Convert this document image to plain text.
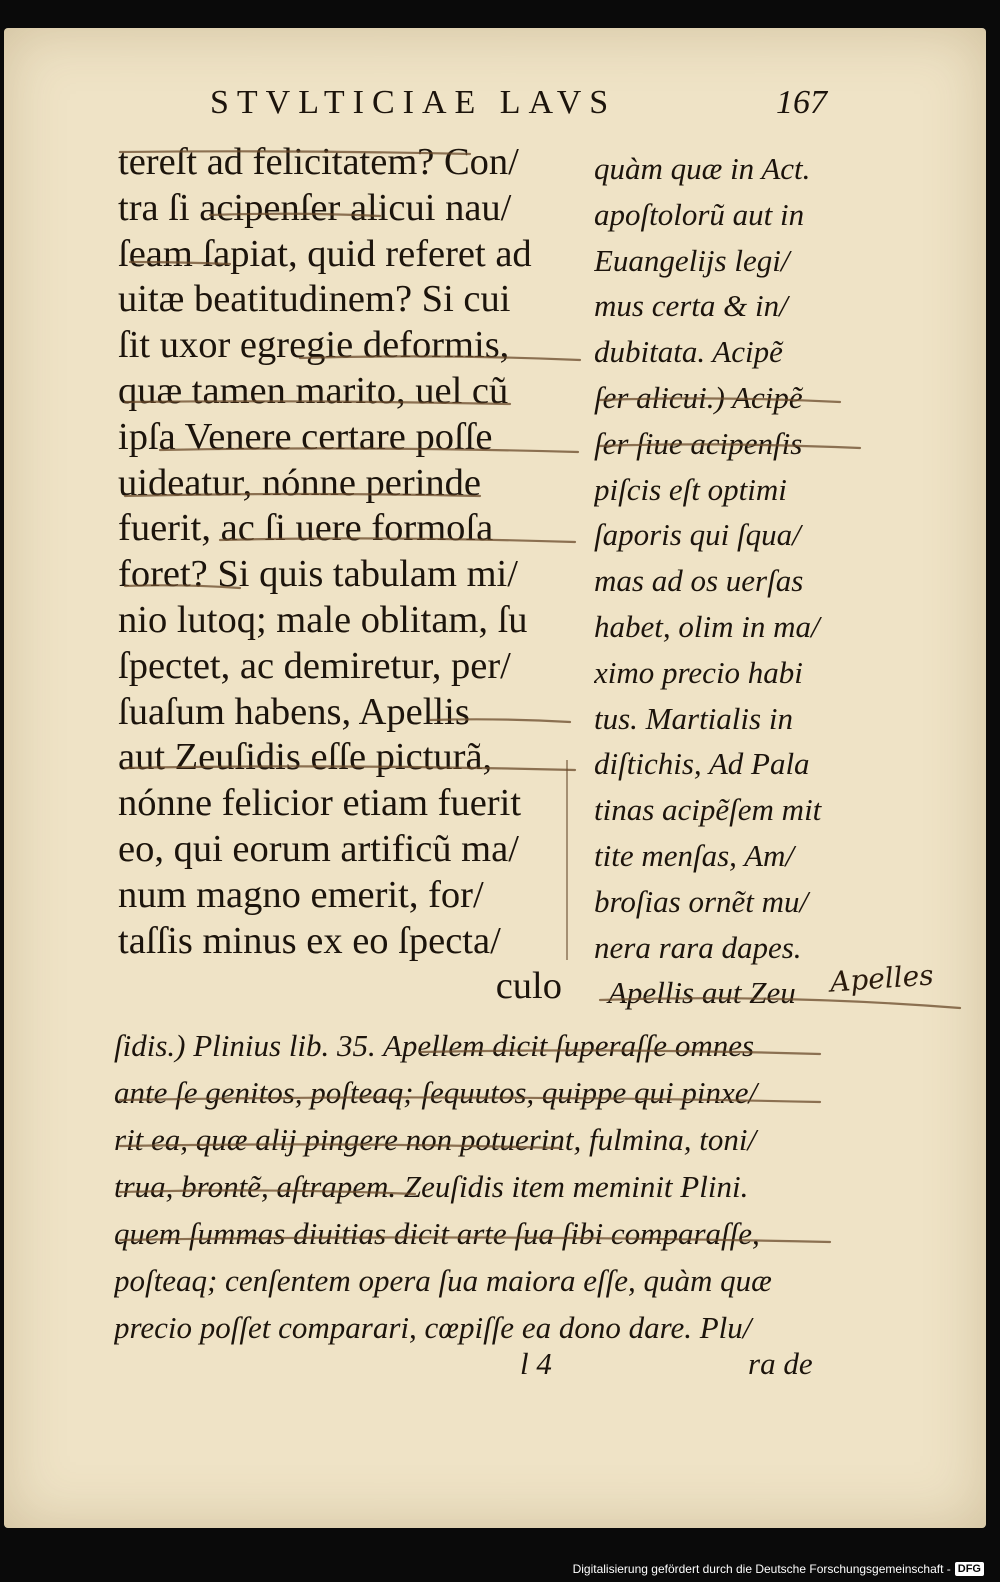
STVLTICIAE LAVS	167
tereſt ad felicitatem? Con/
tra ſi acipenſer alicui nau/
ſeam ſapiat, quid referet ad
uitæ beatitudinem? Si cui
ſit uxor egregie deformis,
quæ tamen marito, uel cũ
ipſa Venere certare poſſe
uideatur, nónne perinde
fuerit, ac ſi uere formoſa
foret? Si quis tabulam mi/
nio lutoq; male oblitam, ſu
ſpectet, ac demiretur, per/
ſuaſum habens, Apellis
aut Zeuſidis eſſe picturã,
nónne felicior etiam fuerit
eo, qui eorum artificũ ma/
num magno emerit, for/
taſſis minus ex eo ſpecta/
culo
quàm quæ in Act.
apoſtolorũ aut in
Euangelijs legi/
mus certa & in/
dubitata. Acipẽ
ſer alicui.) Acipẽ
ſer ſiue acipenſis
piſcis eſt optimi
ſaporis qui ſqua/
mas ad os uerſas
habet, olim in ma/
ximo precio habi
tus. Martialis in
diſtichis, Ad Pala
tinas acipẽſem mit
tite menſas, Am/
broſias ornẽt mu/
nera rara dapes.
Apellis aut Zeu	Apelles
ſidis.) Plinius lib. 35. Apellem dicit ſuperaſſe omnes
ante ſe genitos, poſteaq; ſequutos, quippe qui pinxe/
rit ea, quæ alij pingere non potuerint, fulmina, toni/
trua, brontẽ, aſtrapem. Zeuſidis item meminit Plini.
quem ſummas diuitias dicit arte ſua ſibi comparaſſe,
poſteaq; cenſentem opera ſua maiora eſſe, quàm quæ
precio poſſet comparari, cœpiſſe ea dono dare. Plu/
l 4	ra de
Digitalisierung gefördert durch die Deutsche Forschungsgemeinschaft - DFG
